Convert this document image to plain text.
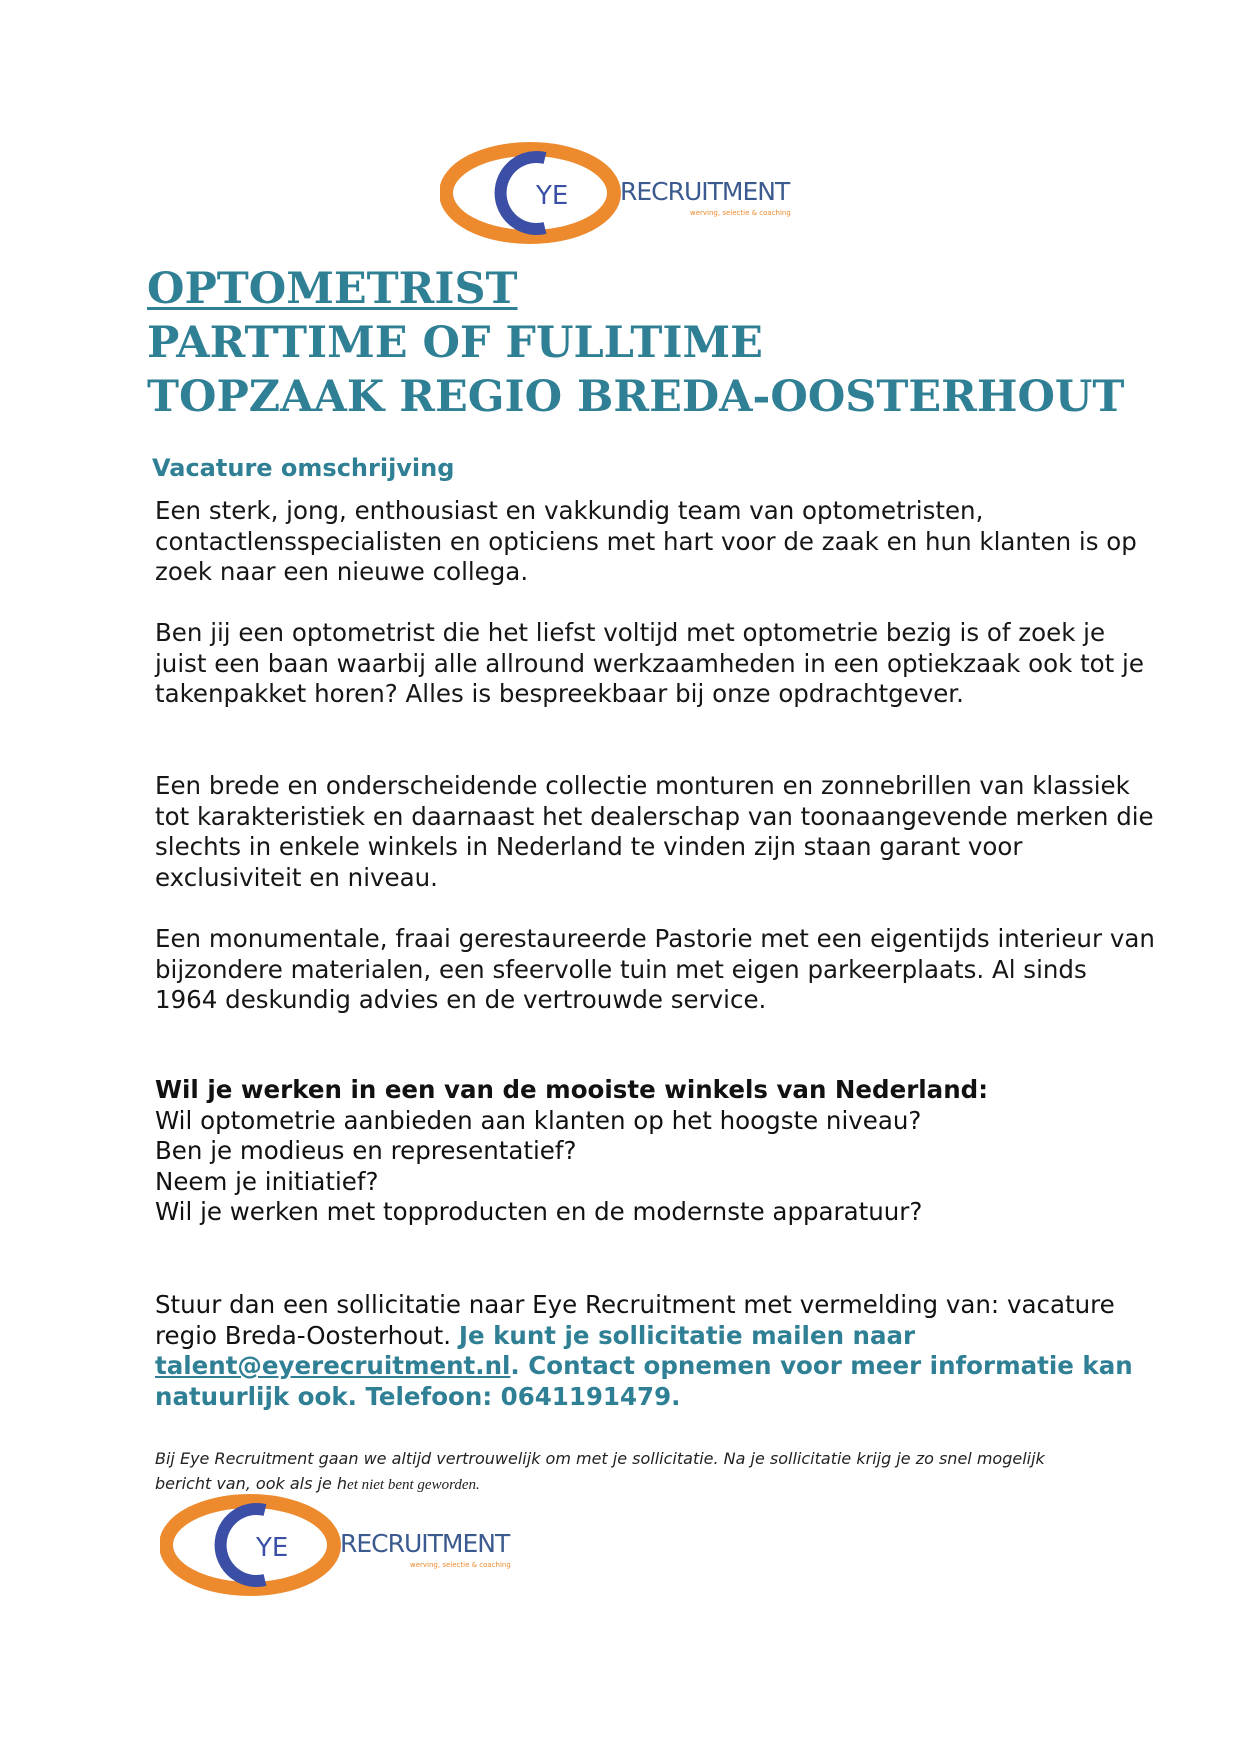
YE RECRUITMENT
werving, selectie & coaching
OPTOMETRIST
PARTTIME OF FULLTIME
TOPZAAK REGIO BREDA-OOSTERHOUT
Vacature omschrijving

Een sterk, jong, enthousiast en vakkundig team van optometristen, contactlensspecialisten en opticiens met hart voor de zaak en hun klanten is op zoek naar een nieuwe collega.

Ben jij een optometrist die het liefst voltijd met optometrie bezig is of zoek je juist een baan waarbij alle allround werkzaamheden in een optiekzaak ook tot je takenpakket horen? Alles is bespreekbaar bij onze opdrachtgever.

Een brede en onderscheidende collectie monturen en zonnebrillen van klassiek tot karakteristiek en daarnaast het dealerschap van toonaangevende merken die slechts in enkele winkels in Nederland te vinden zijn staan garant voor exclusiviteit en niveau.

Een monumentale, fraai gerestaureerde Pastorie met een eigentijds interieur van bijzondere materialen, een sfeervolle tuin met eigen parkeerplaats. Al sinds 1964 deskundig advies en de vertrouwde service.

Wil je werken in een van de mooiste winkels van Nederland:
Wil optometrie aanbieden aan klanten op het hoogste niveau?
Ben je modieus en representatief?
Neem je initiatief?
Wil je werken met topproducten en de modernste apparatuur?
Stuur dan een sollicitatie naar Eye Recruitment met vermelding van: vacature regio Breda-Oosterhout. Je kunt je sollicitatie mailen naar talent@eyerecruitment.nl. Contact opnemen voor meer informatie kan natuurlijk ook. Telefoon: 0641191479.
Bij Eye Recruitment gaan we altijd vertrouwelijk om met je sollicitatie. Na je sollicitatie krijg je zo snel mogelijk bericht van, ook als je het niet bent geworden.
YE RECRUITMENT
werving, selectie & coaching
